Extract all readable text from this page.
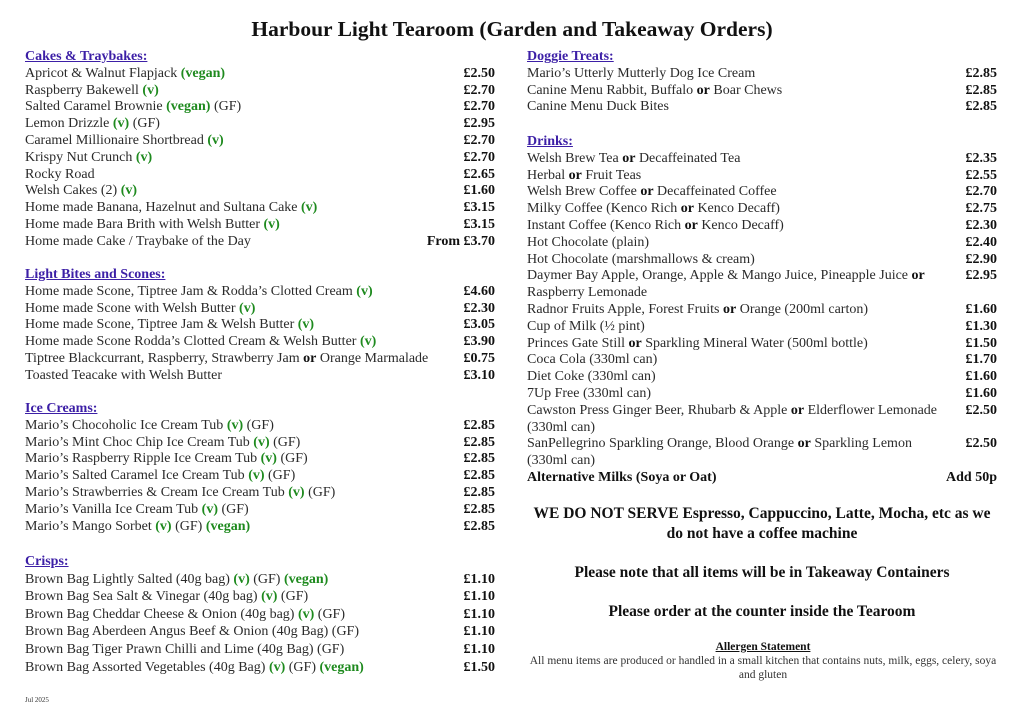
Harbour Light Tearoom (Garden and Takeaway Orders)
Cakes & Traybakes:
Apricot & Walnut Flapjack (vegan)	£2.50
Raspberry Bakewell (v)	£2.70
Salted Caramel Brownie (vegan) (GF)	£2.70
Lemon Drizzle (v) (GF)	£2.95
Caramel Millionaire Shortbread (v)	£2.70
Krispy Nut Crunch (v)	£2.70
Rocky Road	£2.65
Welsh Cakes (2) (v)	£1.60
Home made Banana, Hazelnut and Sultana Cake (v)	£3.15
Home made Bara Brith with Welsh Butter (v)	£3.15
Home made Cake / Traybake of the Day	From £3.70
Light Bites and Scones:
Home made Scone, Tiptree Jam & Rodda’s Clotted Cream (v)	£4.60
Home made Scone with Welsh Butter (v)	£2.30
Home made Scone, Tiptree Jam & Welsh Butter (v)	£3.05
Home made Scone Rodda’s Clotted Cream & Welsh Butter (v)	£3.90
Tiptree Blackcurrant, Raspberry, Strawberry Jam or Orange Marmalade	£0.75
Toasted Teacake with Welsh Butter	£3.10
Ice Creams:
Mario’s Chocoholic Ice Cream Tub (v) (GF)	£2.85
Mario’s Mint Choc Chip Ice Cream Tub (v) (GF)	£2.85
Mario’s Raspberry Ripple Ice Cream Tub (v) (GF)	£2.85
Mario’s Salted Caramel Ice Cream Tub (v) (GF)	£2.85
Mario’s Strawberries & Cream Ice Cream Tub (v) (GF)	£2.85
Mario’s Vanilla Ice Cream Tub (v) (GF)	£2.85
Mario’s Mango Sorbet (v) (GF) (vegan)	£2.85
Crisps:
Brown Bag Lightly Salted (40g bag) (v) (GF) (vegan)	£1.10
Brown Bag Sea Salt & Vinegar (40g bag) (v) (GF)	£1.10
Brown Bag Cheddar Cheese & Onion (40g bag) (v) (GF)	£1.10
Brown Bag Aberdeen Angus Beef & Onion (40g Bag) (GF)	£1.10
Brown Bag Tiger Prawn Chilli and Lime (40g Bag) (GF)	£1.10
Brown Bag Assorted Vegetables (40g Bag) (v) (GF) (vegan)	£1.50
Doggie Treats:
Mario’s Utterly Mutterly Dog Ice Cream	£2.85
Canine Menu Rabbit, Buffalo or Boar Chews	£2.85
Canine Menu Duck Bites	£2.85
Drinks:
Welsh Brew Tea or Decaffeinated Tea	£2.35
Herbal or Fruit Teas	£2.55
Welsh Brew Coffee or Decaffeinated Coffee	£2.70
Milky Coffee (Kenco Rich or Kenco Decaff)	£2.75
Instant Coffee (Kenco Rich or Kenco Decaff)	£2.30
Hot Chocolate (plain)	£2.40
Hot Chocolate (marshmallows & cream)	£2.90
Daymer Bay Apple, Orange, Apple & Mango Juice, Pineapple Juice or Raspberry Lemonade
£2.95
Radnor Fruits Apple, Forest Fruits or Orange (200ml carton)	£1.60
Cup of Milk (½ pint)	£1.30
Princes Gate Still or Sparkling Mineral Water (500ml bottle)	£1.50
Coca Cola (330ml can)	£1.70
Diet Coke (330ml can)	£1.60
7Up Free (330ml can)	£1.60
Cawston Press Ginger Beer, Rhubarb & Apple or Elderflower Lemonade (330ml can)
£2.50
SanPellegrino Sparkling Orange, Blood Orange or Sparkling Lemon (330ml can)
£2.50
Alternative Milks (Soya or Oat)	Add 50p
WE DO NOT SERVE Espresso, Cappuccino, Latte, Mocha, etc as we do not have a coffee machine
Please note that all items will be in Takeaway Containers
Please order at the counter inside the Tearoom
Allergen Statement
All menu items are produced or handled in a small kitchen that contains nuts, milk, eggs, celery, soya and gluten
Jul 2025
